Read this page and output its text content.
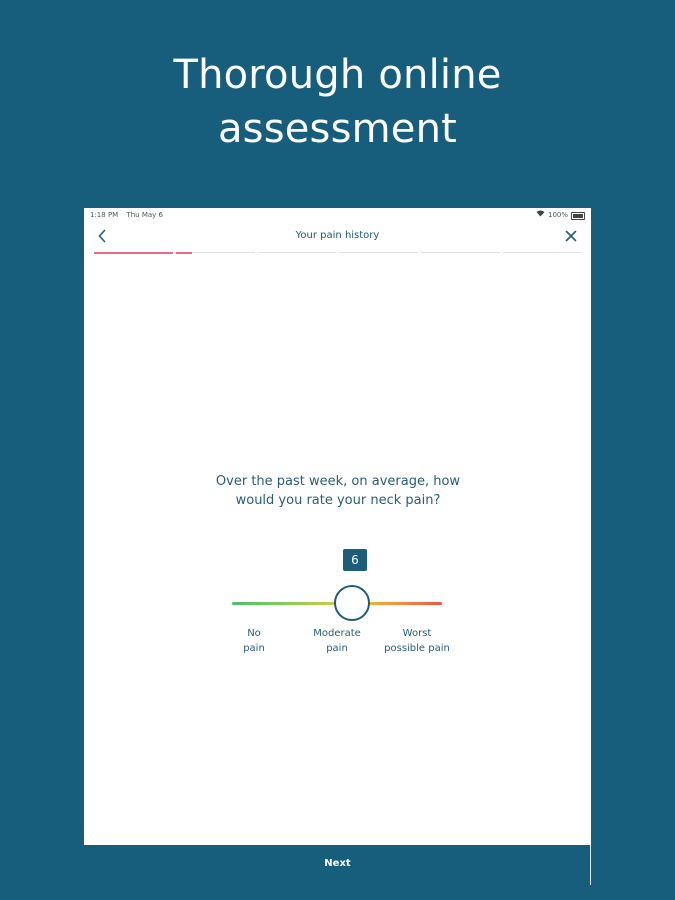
Thorough online
assessment
1:18 PM Thu May 6	100%
Your pain history
Over the past week, on average, how would you rate your neck pain?
6
No
pain
Moderate
pain
Worst
possible pain
Next
